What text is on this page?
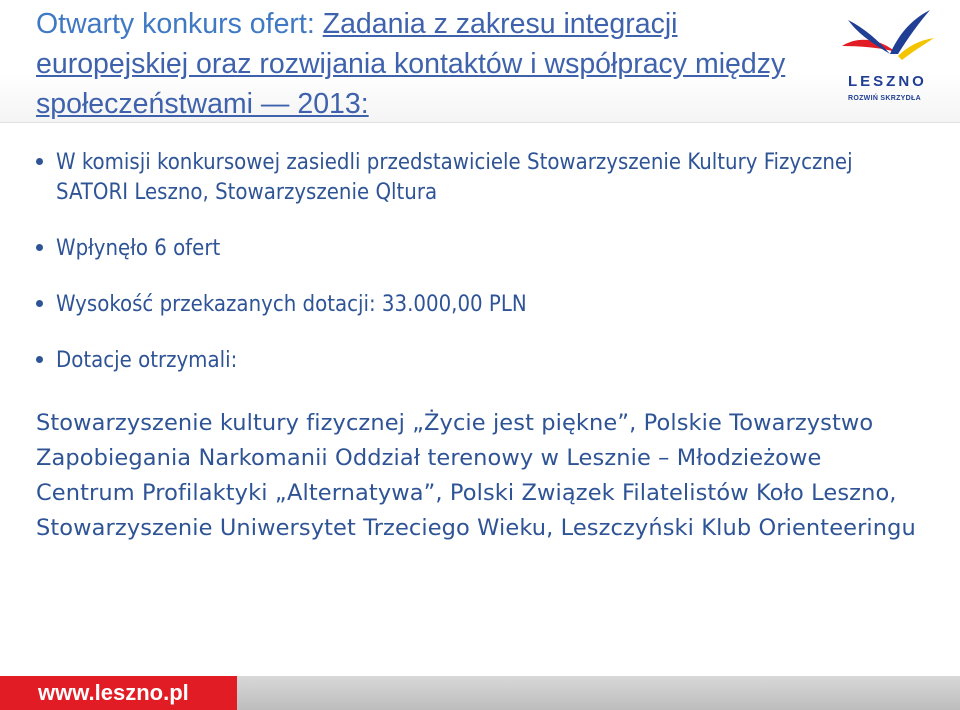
Otwarty konkurs ofert: Zadania z zakresu integracji europejskiej oraz rozwijania kontaktów i współpracy między społeczeństwami — 2013:
LESZNO
ROZWIŃ SKRZYDŁA
W komisji konkursowej zasiedli przedstawiciele Stowarzyszenie Kultury Fizycznej SATORI Leszno, Stowarzyszenie Qltura
Wpłynęło 6 ofert
Wysokość przekazanych dotacji: 33.000,00 PLN
Dotacje otrzymali:
Stowarzyszenie kultury fizycznej „Życie jest piękne”, Polskie Towarzystwo Zapobiegania Narkomanii Oddział terenowy w Lesznie – Młodzieżowe Centrum Profilaktyki „Alternatywa”, Polski Związek Filatelistów Koło Leszno, Stowarzyszenie Uniwersytet Trzeciego Wieku, Leszczyński Klub Orienteeringu
www.leszno.pl
